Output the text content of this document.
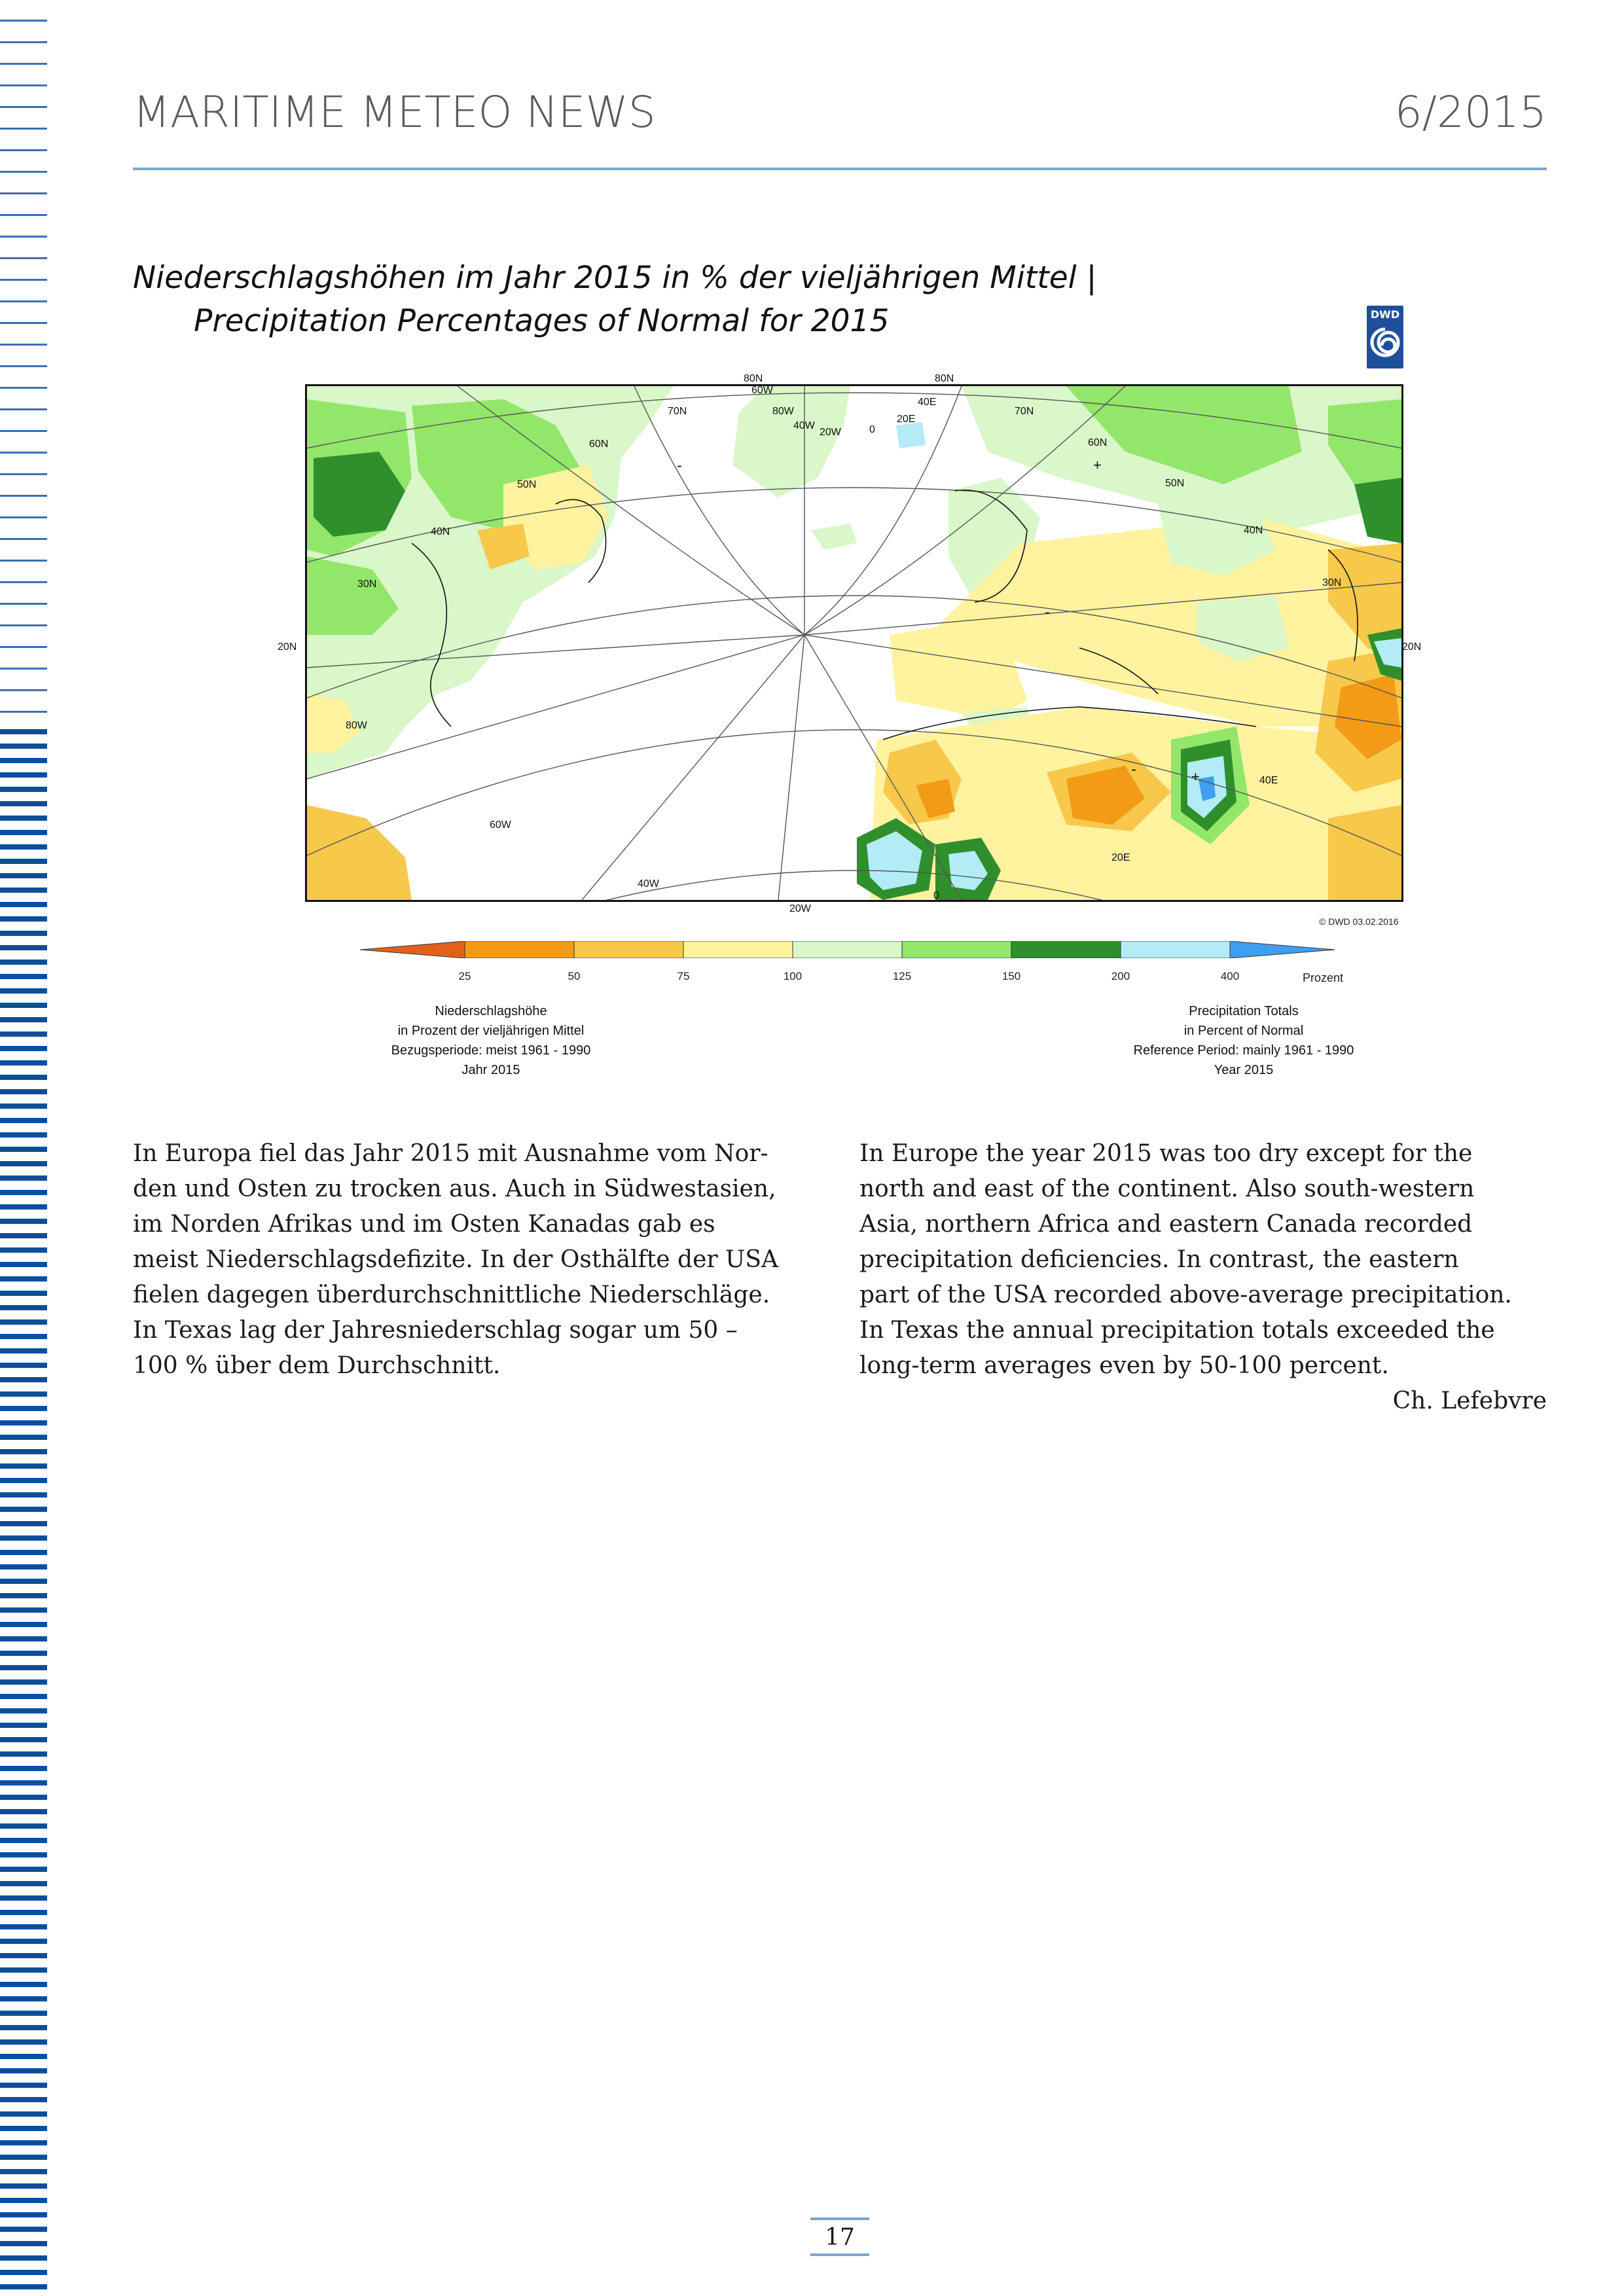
MARITIME METEO NEWS	6/2015
Niederschlagshöhen im Jahr 2015 in % der vieljährigen Mittel |
Precipitation Percentages of Normal for 2015	DWD
20N	20N
80N	80N
70N	70N
60N	60N
50N	50N
40N	40N
30N	30N
80W
60W
40W
20W
60W
80W
40W
20W	0
20E
40E
0
20E
40E
+
+
-
-
-
© DWD 03.02.2016
25	50	75	100	125	150	200	400	Prozent
Niederschlagshöhe
in Prozent der vieljährigen Mittel
Bezugsperiode: meist 1961 - 1990
Jahr 2015
Precipitation Totals
in Percent of Normal
Reference Period: mainly 1961 - 1990
Year 2015
In Europa fiel das Jahr 2015 mit Ausnahme vom Nor-
den und Osten zu trocken aus. Auch in Südwestasien,
im Norden Afrikas und im Osten Kanadas gab es
meist Niederschlagsdefizite. In der Osthälfte der USA
fielen dagegen überdurchschnittliche Niederschläge.
In Texas lag der Jahresniederschlag sogar um 50 –
100 % über dem Durchschnitt.
In Europe the year 2015 was too dry except for the
north and east of the continent. Also south-western
Asia, northern Africa and eastern Canada recorded
precipitation deficiencies. In contrast, the eastern
part of the USA recorded above-average precipitation.
In Texas the annual precipitation totals exceeded the
long-term averages even by 50-100 percent.
Ch. Lefebvre
17
